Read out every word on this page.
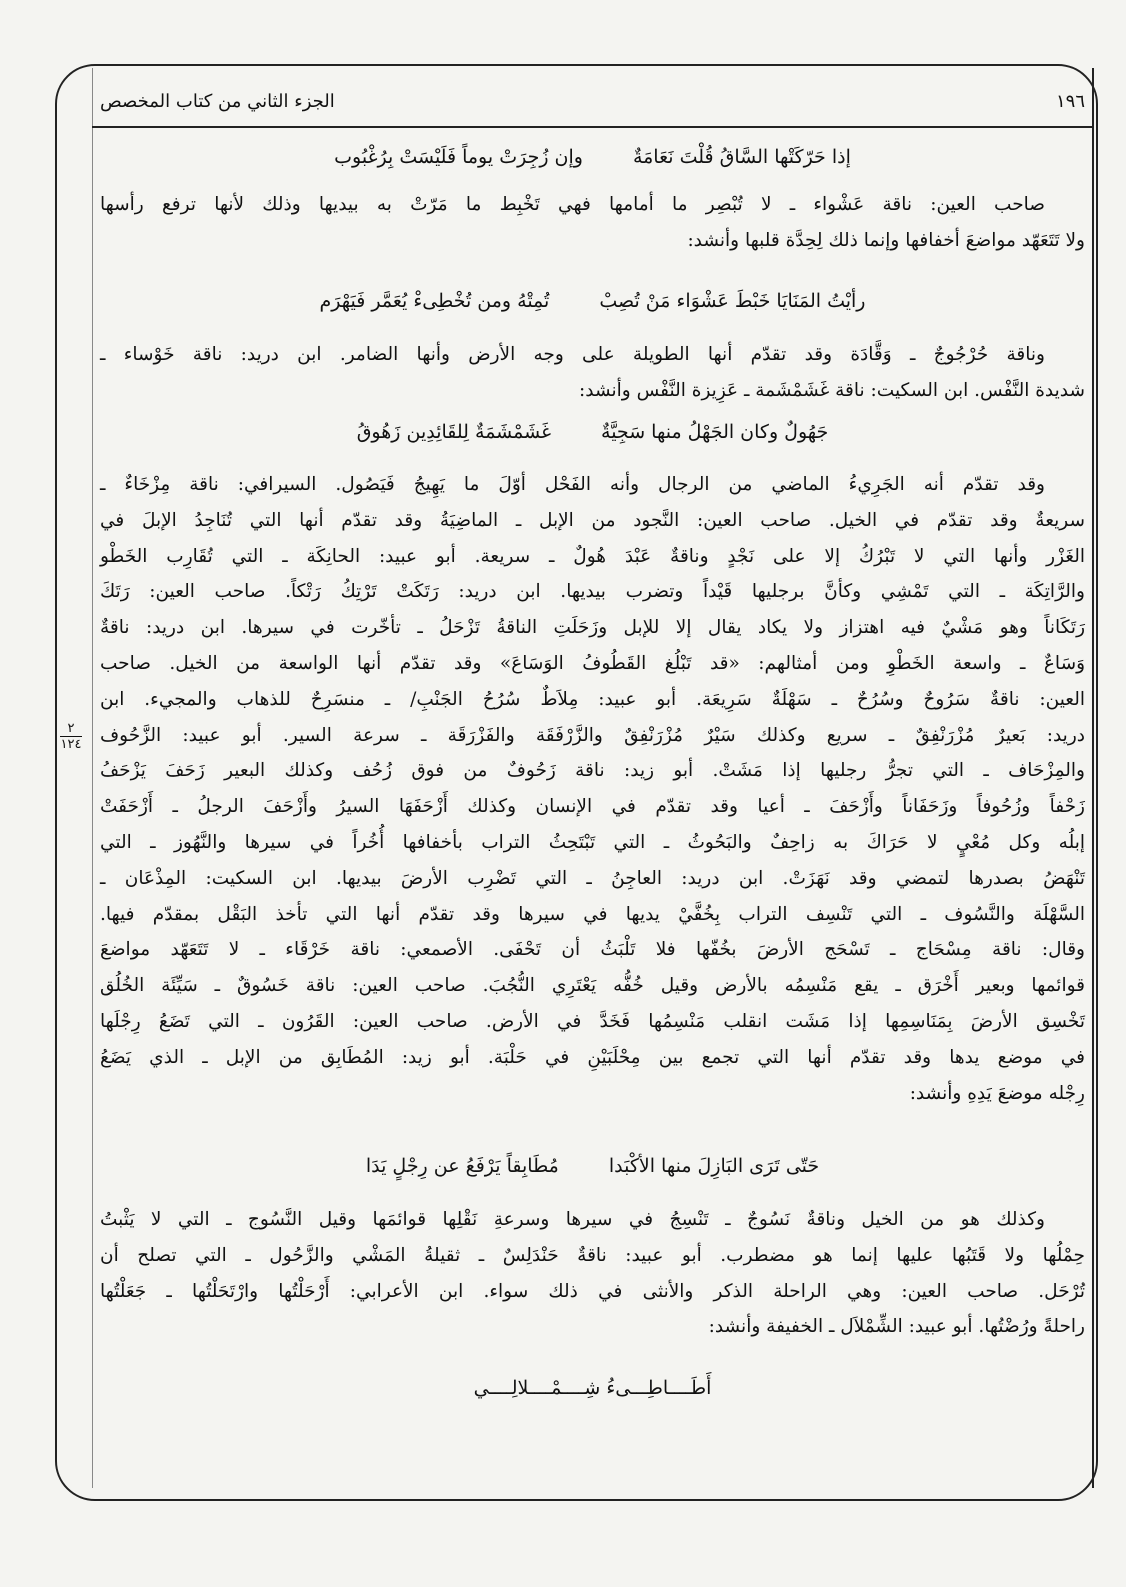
١٩٦
الجزء الثاني من كتاب المخصص
٢
١٢٤
إذا حَرّكَتْها السَّاقُ قُلْتَ نَعَامَةٌ
وإن زُجِرَتْ يوماً فَلَيْسَتْ بِرُغْبُوب
صاحب العين: ناقة عَشْواء ـ لا تُبْصِر ما أمامها فهي تَخْبِط ما مَرّتْ به بيديها وذلك لأنها ترفع رأسها
ولا تَتَعَهّد مواضعَ أخفافها وإنما ذلك لِحِدَّة قلبها وأنشد:
رأيْتُ المَنَايَا خَبْطَ عَشْوَاء مَنْ تُصِبْ
تُمِتْهُ ومن تُخْطِىءْ يُعَمَّر فَيَهْرَم
وناقة حُرْجُوجٌ ـ وَقَّادَة وقد تقدّم أنها الطويلة على وجه الأرض وأنها الضامر. ابن دريد: ناقة خَوْساء ـ
شديدة النَّفْس. ابن السكيت: ناقة غَشَمْشَمة ـ عَزِيزة النَّفْس وأنشد:
جَهُولٌ وكان الجَهْلُ منها سَجِيَّةٌ
غَشَمْشَمَةٌ لِلقَائِدِين زَهُوقُ
وقد تقدّم أنه الجَرِيءُ الماضي من الرجال وأنه الفَحْل أوّلَ ما يَهِيجُ فَيَصُول. السيرافي: ناقة مِزْخَاءٌ ـ
سريعةٌ وقد تقدّم في الخيل. صاحب العين: النَّجود من الإبل ـ الماضِيَةُ وقد تقدّم أنها التي تُنَاجِدُ الإبلَ في
الغَزْر وأنها التي لا تَبْرُكُ إلا على نَجْدٍ وناقةٌ عَبْدَ هُولٌ ـ سريعة. أبو عبيد: الحانِكَة ـ التي تُقَارِب الخَطْو
والرَّاتِكَة ـ التي تَمْشِي وكأنَّ برجليها قَيْداً وتضرب بيديها. ابن دريد: رَتَكَتْ تَرْتِكُ رَتْكاً. صاحب العين: رَتَكَ
رَتَكَاناً وهو مَشْيٌ فيه اهتزاز ولا يكاد يقال إلا للإبل وزَحَلَتِ الناقةُ تَزْحَلُ ـ تأخّرت في سيرها. ابن دريد: ناقةٌ
وَسَاعٌ ـ واسعة الخَطْوِ ومن أمثالهم: «قد تَبْلُغ القَطُوفُ الوَسَاعَ» وقد تقدّم أنها الواسعة من الخيل. صاحب
العين: ناقةٌ سَرُوحٌ وسُرُحٌ ـ سَهْلَةٌ سَرِيعَة. أبو عبيد: مِلاَطٌ سُرُحُ الجَنْبِ/ ـ منسَرِحٌ للذهاب والمجيء. ابن
دريد: بَعيرٌ مُزْرَنْفِقٌ ـ سريع وكذلك سَيْرٌ مُزْرَنْفِقٌ والزَّرْفَقَة والفَزْرَقَة ـ سرعة السير. أبو عبيد: الزَّحُوف
والمِزْحَاف ـ التي تجرُّ رجليها إذا مَشَتْ. أبو زيد: ناقة زَحُوفٌ من فوق زُحُف وكذلك البعير زَحَفَ يَزْحَفُ
زَحْفاً وزُحُوفاً وزَحَفَاناً وأَزْحَفَ ـ أعيا وقد تقدّم في الإنسان وكذلك أَزْحَفَهَا السيرُ وأَزْحَفَ الرجلُ ـ أَزْحَفَتْ
إبلُه وكل مُعْيٍ لا حَرَاكَ به زاحِفٌ والبَحُوثُ ـ التي تَبْتَحِثُ التراب بأخفافها أُخُراً في سيرها والنَّهُوز ـ التي
تَنْهَضُ بصدرها لتمضي وقد نَهَزَتْ. ابن دريد: العاجِنُ ـ التي تَضْرِب الأرضَ بيديها. ابن السكيت: المِذْعَان ـ
السَّهْلَة والنَّسُوف ـ التي تَنْسِف التراب بِخُفَّيْ يديها في سيرها وقد تقدّم أنها التي تأخذ البَقْل بمقدّم فيها.
وقال: ناقة مِسْحَاج ـ تَسْحَج الأرضَ بخُفّها فلا تَلْبَثُ أن تَحْفَى. الأصمعي: ناقة خَرْقَاء ـ لا تَتَعَهّد مواضعَ
قوائمها وبعير أَخْرَق ـ يقع مَنْسِمُه بالأرض وقيل خُفُّه يَعْتَرِي النُّجُبَ. صاحب العين: ناقة خَسُوقٌ ـ سَيِّئَة الخُلُق
تَخْسِق الأرضَ بِمَنَاسِمِها إذا مَشَت انقلب مَنْسِمُها فَخَدَّ في الأرض. صاحب العين: القَرُون ـ التي تَضَعُ رِجْلَها
في موضع يدها وقد تقدّم أنها التي تجمع بين مِحْلَبَيْنِ في حَلْبَة. أبو زيد: المُطَابِق من الإبل ـ الذي يَضَعُ
رِجْله موضعَ يَدِهِ وأنشد:
حَتّى تَرَى البَازِلَ منها الأكْبَدا
مُطَابِقاً يَرْفَعُ عن رِجْلٍ يَدَا
وكذلك هو من الخيل وناقةٌ نَسُوجٌ ـ تَنْسِجُ في سيرها وسرعةِ نَقْلِها قوائمَها وقيل النَّسُوج ـ التي لا يَثْبتُ
حِمْلُها ولا قَتَبُها عليها إنما هو مضطرب. أبو عبيد: ناقةٌ حَنْدَلِسٌ ـ ثقيلةُ المَشْي والزَّحُول ـ التي تصلح أن
تُرْحَل. صاحب العين: وهي الراحلة الذكر والأنثى في ذلك سواء. ابن الأعرابي: أَرْحَلْتُها وارْتَحَلْتُها ـ جَعَلْتُها
راحلةً ورُضْتُها. أبو عبيد: الشِّمْلاَل ـ الخفيفة وأنشد:
أَطَــــاطِـــىءُ شِــــمْــــلالِــــي
